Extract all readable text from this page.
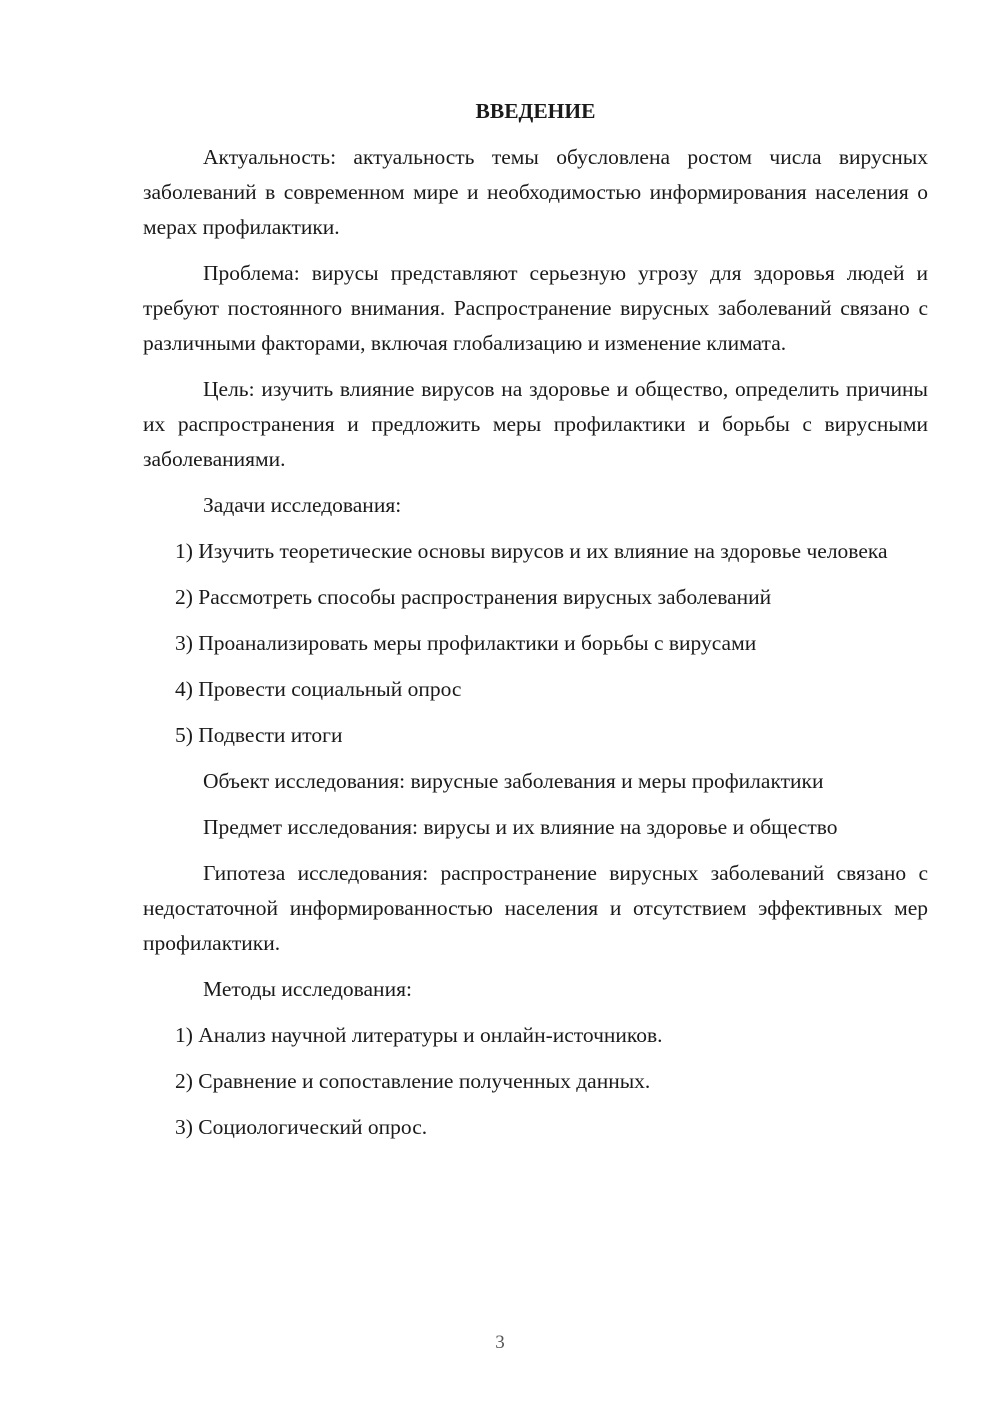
ВВЕДЕНИЕ

Актуальность: актуальность темы обусловлена ростом числа вирусных заболеваний в современном мире и необходимостью информирования населения о мерах профилактики.

Проблема: вирусы представляют серьезную угрозу для здоровья людей и требуют постоянного внимания. Распространение вирусных заболеваний связано с различными факторами, включая глобализацию и изменение климата.

Цель: изучить влияние вирусов на здоровье и общество, определить причины их распространения и предложить меры профилактики и борьбы с вирусными заболеваниями.

Задачи исследования:

1) Изучить теоретические основы вирусов и их влияние на здоровье человека

2) Рассмотреть способы распространения вирусных заболеваний

3) Проанализировать меры профилактики и борьбы с вирусами

4) Провести социальный опрос

5) Подвести итоги

Объект исследования: вирусные заболевания и меры профилактики

Предмет исследования: вирусы и их влияние на здоровье и общество

Гипотеза исследования: распространение вирусных заболеваний связано с недостаточной информированностью населения и отсутствием эффективных мер профилактики.

Методы исследования:

1) Анализ научной литературы и онлайн-источников.

2) Сравнение и сопоставление полученных данных.

3) Социологический опрос.

3
